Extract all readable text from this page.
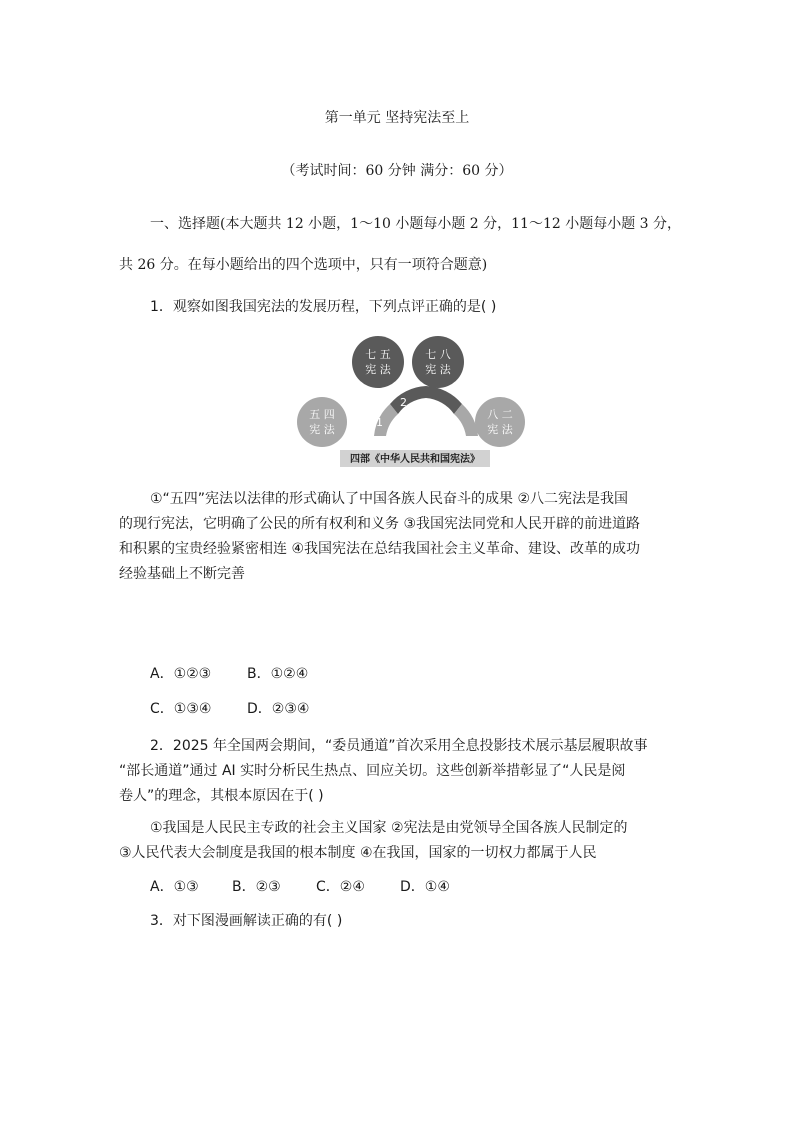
第一单元 坚持宪法至上
（考试时间：60 分钟 满分：60 分）
一、选择题(本大题共 12 小题，1～10 小题每小题 2 分，11～12 小题每小题 3 分，
共 26 分。在每小题给出的四个选项中，只有一项符合题意)
1．观察如图我国宪法的发展历程，下列点评正确的是( )
1
2 3
4
七 五
宪 法
七 八
宪 法
五 四
宪 法
八 二
宪 法
四部《中华人民共和国宪法》
①“五四”宪法以法律的形式确认了中国各族人民奋斗的成果 ②八二宪法是我国
的现行宪法，它明确了公民的所有权利和义务 ③我国宪法同党和人民开辟的前进道路
和积累的宝贵经验紧密相连 ④我国宪法在总结我国社会主义革命、建设、改革的成功
经验基础上不断完善
A．①②③	B．①②④
C．①③④	D．②③④
2．2025 年全国两会期间，“委员通道”首次采用全息投影技术展示基层履职故事
“部长通道”通过 AI 实时分析民生热点、回应关切。这些创新举措彰显了“人民是阅
卷人”的理念，其根本原因在于( )
①我国是人民民主专政的社会主义国家 ②宪法是由党领导全国各族人民制定的
③人民代表大会制度是我国的根本制度 ④在我国，国家的一切权力都属于人民
A．①③ B．②③	C．②④	D．①④
3．对下图漫画解读正确的有( )
